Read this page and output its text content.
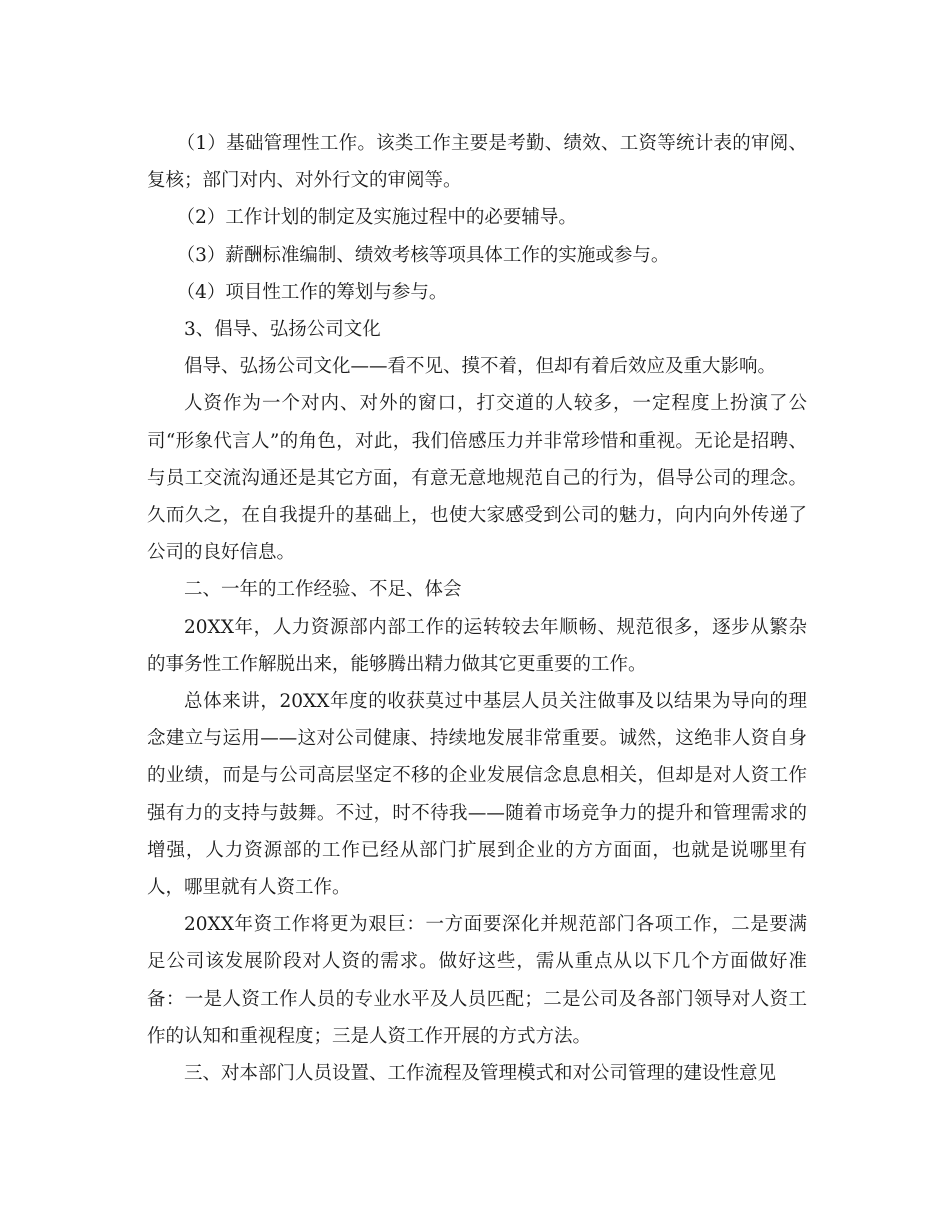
（1）基础管理性工作。该类工作主要是考勤、绩效、工资等统计表的审阅、复核；部门对内、对外行文的审阅等。

（2）工作计划的制定及实施过程中的必要辅导。

（3）薪酬标准编制、绩效考核等项具体工作的实施或参与。

（4）项目性工作的筹划与参与。

3、倡导、弘扬公司文化

倡导、弘扬公司文化——看不见、摸不着，但却有着后效应及重大影响。

人资作为一个对内、对外的窗口，打交道的人较多，一定程度上扮演了公司“形象代言人”的角色，对此，我们倍感压力并非常珍惜和重视。无论是招聘、与员工交流沟通还是其它方面，有意无意地规范自己的行为，倡导公司的理念。久而久之，在自我提升的基础上，也使大家感受到公司的魅力，向内向外传递了公司的良好信息。

二、一年的工作经验、不足、体会

20XX年，人力资源部内部工作的运转较去年顺畅、规范很多，逐步从繁杂的事务性工作解脱出来，能够腾出精力做其它更重要的工作。

总体来讲，20XX年度的收获莫过中基层人员关注做事及以结果为导向的理念建立与运用——这对公司健康、持续地发展非常重要。诚然，这绝非人资自身的业绩，而是与公司高层坚定不移的企业发展信念息息相关，但却是对人资工作强有力的支持与鼓舞。不过，时不待我——随着市场竞争力的提升和管理需求的增强，人力资源部的工作已经从部门扩展到企业的方方面面，也就是说哪里有人，哪里就有人资工作。

20XX年资工作将更为艰巨：一方面要深化并规范部门各项工作，二是要满足公司该发展阶段对人资的需求。做好这些，需从重点从以下几个方面做好准备：一是人资工作人员的专业水平及人员匹配；二是公司及各部门领导对人资工作的认知和重视程度；三是人资工作开展的方式方法。

三、对本部门人员设置、工作流程及管理模式和对公司管理的建设性意见
